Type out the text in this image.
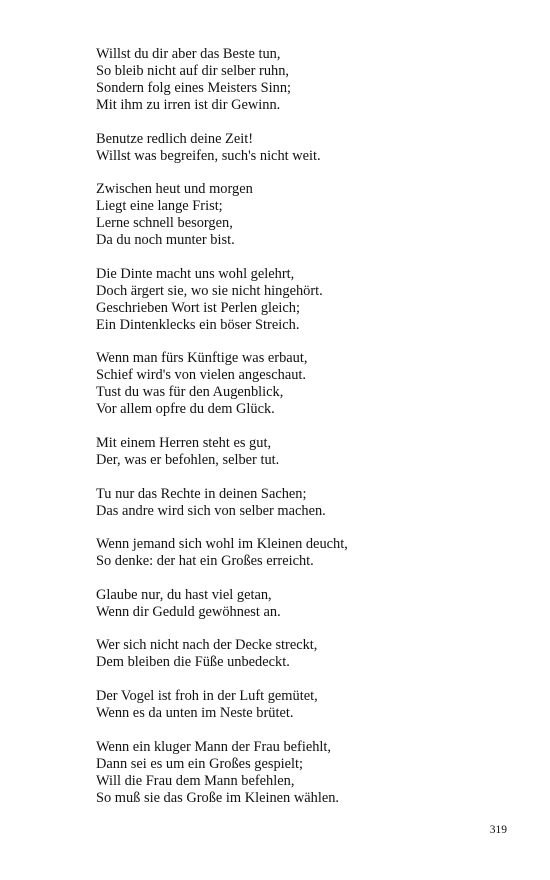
Willst du dir aber das Beste tun,
So bleib nicht auf dir selber ruhn,
Sondern folg eines Meisters Sinn;
Mit ihm zu irren ist dir Gewinn.
Benutze redlich deine Zeit!
Willst was begreifen, such's nicht weit.
Zwischen heut und morgen
Liegt eine lange Frist;
Lerne schnell besorgen,
Da du noch munter bist.
Die Dinte macht uns wohl gelehrt,
Doch ärgert sie, wo sie nicht hingehört.
Geschrieben Wort ist Perlen gleich;
Ein Dintenklecks ein böser Streich.
Wenn man fürs Künftige was erbaut,
Schief wird's von vielen angeschaut.
Tust du was für den Augenblick,
Vor allem opfre du dem Glück.
Mit einem Herren steht es gut,
Der, was er befohlen, selber tut.
Tu nur das Rechte in deinen Sachen;
Das andre wird sich von selber machen.
Wenn jemand sich wohl im Kleinen deucht,
So denke: der hat ein Großes erreicht.
Glaube nur, du hast viel getan,
Wenn dir Geduld gewöhnest an.
Wer sich nicht nach der Decke streckt,
Dem bleiben die Füße unbedeckt.
Der Vogel ist froh in der Luft gemütet,
Wenn es da unten im Neste brütet.
Wenn ein kluger Mann der Frau befiehlt,
Dann sei es um ein Großes gespielt;
Will die Frau dem Mann befehlen,
So muß sie das Große im Kleinen wählen.
319
